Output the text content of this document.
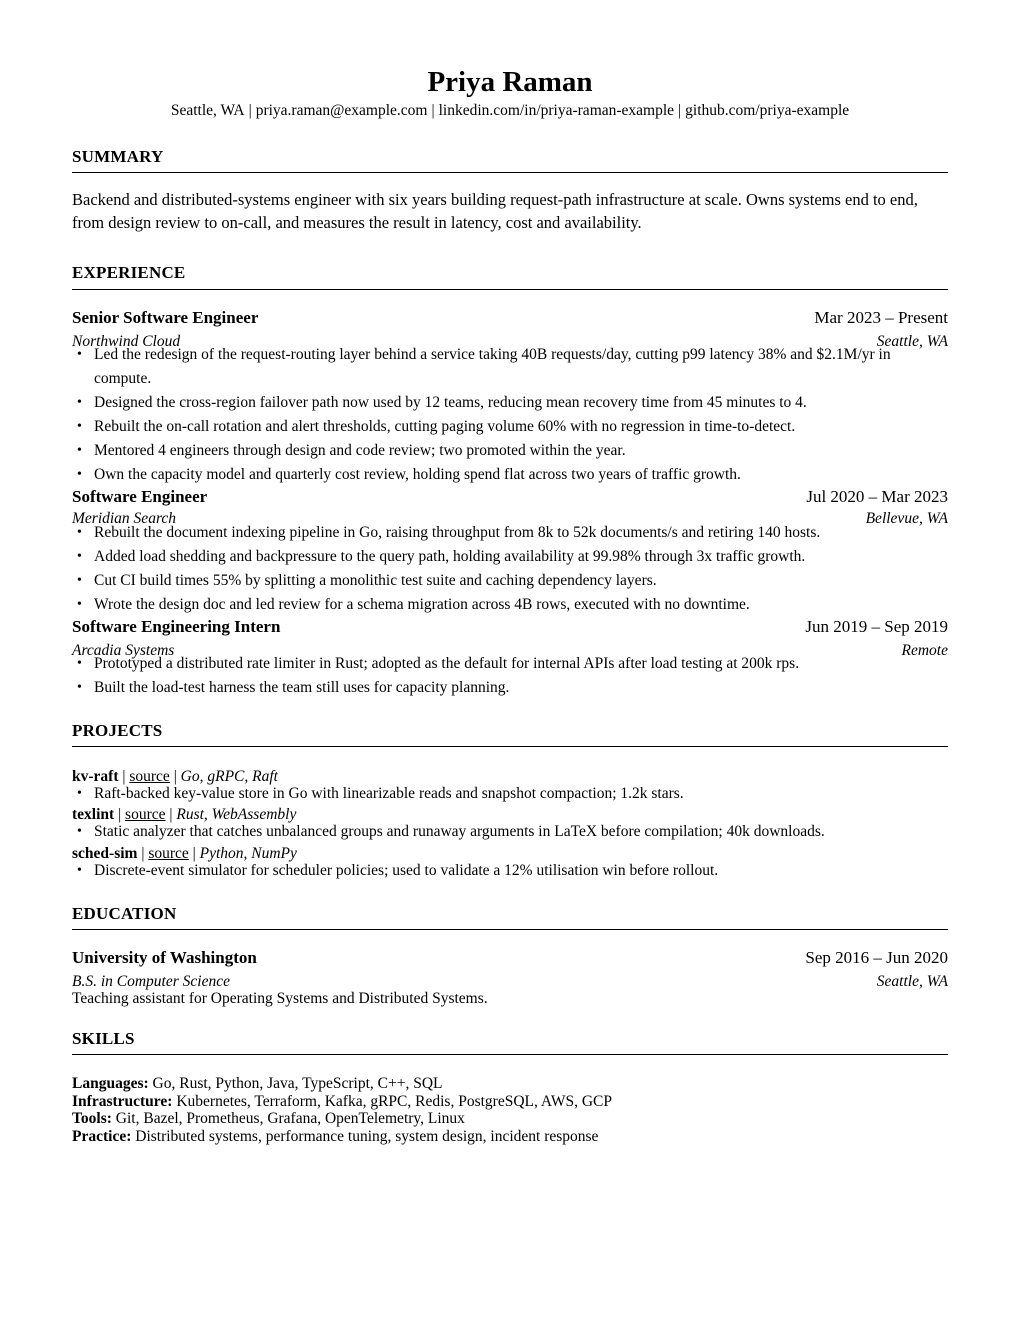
Priya Raman
Seattle, WA | priya.raman@example.com | linkedin.com/in/priya-raman-example | github.com/priya-example
SUMMARY
Backend and distributed-systems engineer with six years building request-path infrastructure at scale. Owns systems end to end, from design review to on-call, and measures the result in latency, cost and availability.
EXPERIENCE
Senior Software Engineer	Mar 2023 – Present
Northwind Cloud	Seattle, WA
• Led the redesign of the request-routing layer behind a service taking 40B requests/day, cutting p99 latency 38% and $2.1M/yr in compute.
• Designed the cross-region failover path now used by 12 teams, reducing mean recovery time from 45 minutes to 4.
• Rebuilt the on-call rotation and alert thresholds, cutting paging volume 60% with no regression in time-to-detect.
• Mentored 4 engineers through design and code review; two promoted within the year.
• Own the capacity model and quarterly cost review, holding spend flat across two years of traffic growth.
Software Engineer	Jul 2020 – Mar 2023
Meridian Search	Bellevue, WA
• Rebuilt the document indexing pipeline in Go, raising throughput from 8k to 52k documents/s and retiring 140 hosts.
• Added load shedding and backpressure to the query path, holding availability at 99.98% through 3x traffic growth.
• Cut CI build times 55% by splitting a monolithic test suite and caching dependency layers.
• Wrote the design doc and led review for a schema migration across 4B rows, executed with no downtime.
Software Engineering Intern	Jun 2019 – Sep 2019
Arcadia Systems	Remote
• Prototyped a distributed rate limiter in Rust; adopted as the default for internal APIs after load testing at 200k rps.
• Built the load-test harness the team still uses for capacity planning.
PROJECTS
kv-raft | source | Go, gRPC, Raft
• Raft-backed key-value store in Go with linearizable reads and snapshot compaction; 1.2k stars.
texlint | source | Rust, WebAssembly
• Static analyzer that catches unbalanced groups and runaway arguments in LaTeX before compilation; 40k downloads.
sched-sim | source | Python, NumPy
• Discrete-event simulator for scheduler policies; used to validate a 12% utilisation win before rollout.
EDUCATION
University of Washington	Sep 2016 – Jun 2020
B.S. in Computer Science	Seattle, WA
Teaching assistant for Operating Systems and Distributed Systems.
SKILLS
Languages: Go, Rust, Python, Java, TypeScript, C++, SQL
Infrastructure: Kubernetes, Terraform, Kafka, gRPC, Redis, PostgreSQL, AWS, GCP
Tools: Git, Bazel, Prometheus, Grafana, OpenTelemetry, Linux
Practice: Distributed systems, performance tuning, system design, incident response
